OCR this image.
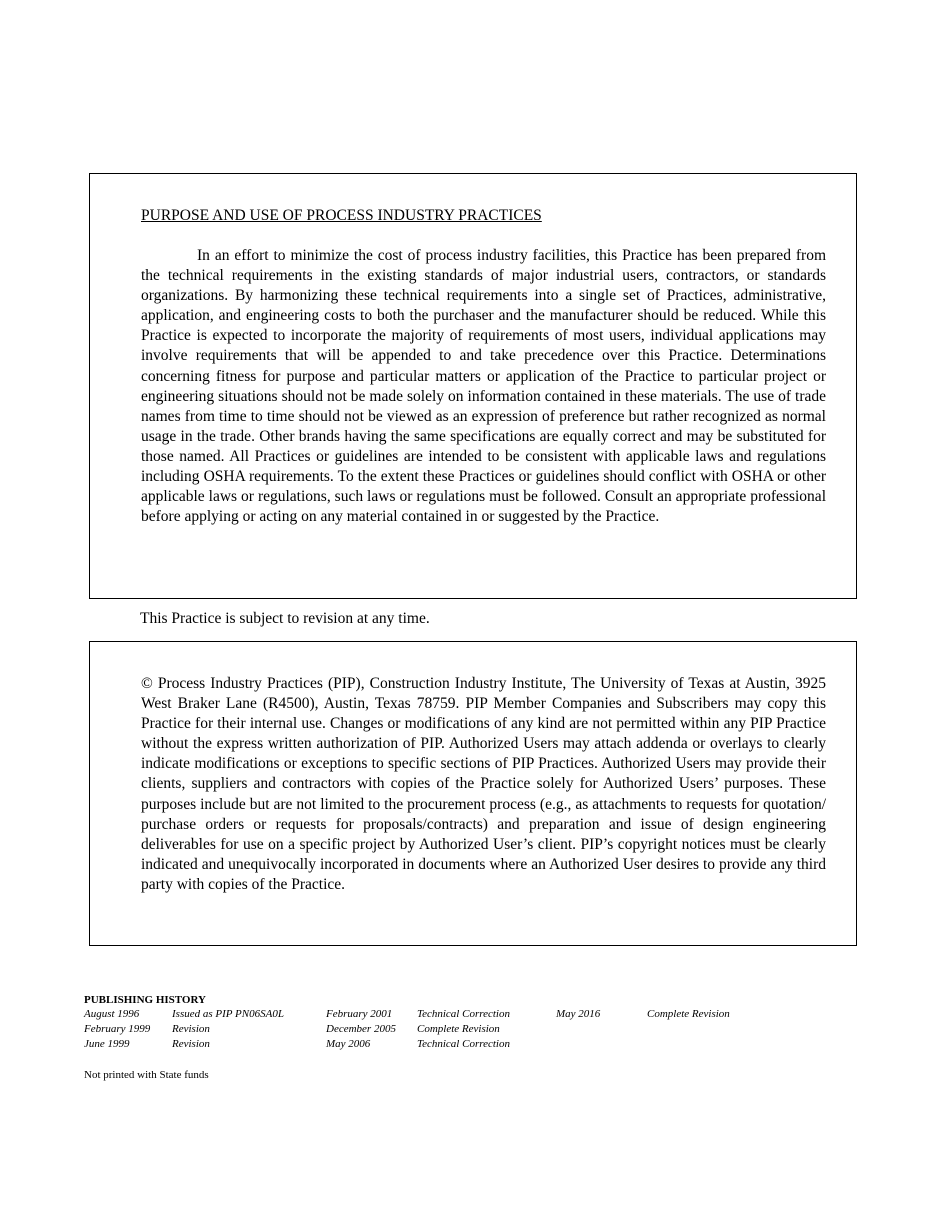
PURPOSE AND USE OF PROCESS INDUSTRY PRACTICES

In an effort to minimize the cost of process industry facilities, this Practice has been prepared from the technical requirements in the existing standards of major industrial users, contractors, or standards organizations. By harmonizing these technical requirements into a single set of Practices, administrative, application, and engineering costs to both the purchaser and the manufacturer should be reduced. While this Practice is expected to incorporate the majority of requirements of most users, individual applications may involve requirements that will be appended to and take precedence over this Practice. Determinations concerning fitness for purpose and particular matters or application of the Practice to particular project or engineering situations should not be made solely on information contained in these materials. The use of trade names from time to time should not be viewed as an expression of preference but rather recognized as normal usage in the trade. Other brands having the same specifications are equally correct and may be substituted for those named. All Practices or guidelines are intended to be consistent with applicable laws and regulations including OSHA requirements. To the extent these Practices or guidelines should conflict with OSHA or other applicable laws or regulations, such laws or regulations must be followed. Consult an appropriate professional before applying or acting on any material contained in or suggested by the Practice.

This Practice is subject to revision at any time.

© Process Industry Practices (PIP), Construction Industry Institute, The University of Texas at Austin, 3925 West Braker Lane (R4500), Austin, Texas 78759. PIP Member Companies and Subscribers may copy this Practice for their internal use. Changes or modifications of any kind are not permitted within any PIP Practice without the express written authorization of PIP. Authorized Users may attach addenda or overlays to clearly indicate modifications or exceptions to specific sections of PIP Practices. Authorized Users may provide their clients, suppliers and contractors with copies of the Practice solely for Authorized Users’ purposes. These purposes include but are not limited to the procurement process (e.g., as attachments to requests for quotation/ purchase orders or requests for proposals/contracts) and preparation and issue of design engineering deliverables for use on a specific project by Authorized User’s client. PIP’s copyright notices must be clearly indicated and unequivocally incorporated in documents where an Authorized User desires to provide any third party with copies of the Practice.

PUBLISHING HISTORY

August 1996	Issued as PIP PN06SA0L	February 2001 Technical Correction	May 2016	Complete Revision
February 1999 Revision	December 2005 Complete Revision
June 1999	Revision	May 2006	Technical Correction

Not printed with State funds
